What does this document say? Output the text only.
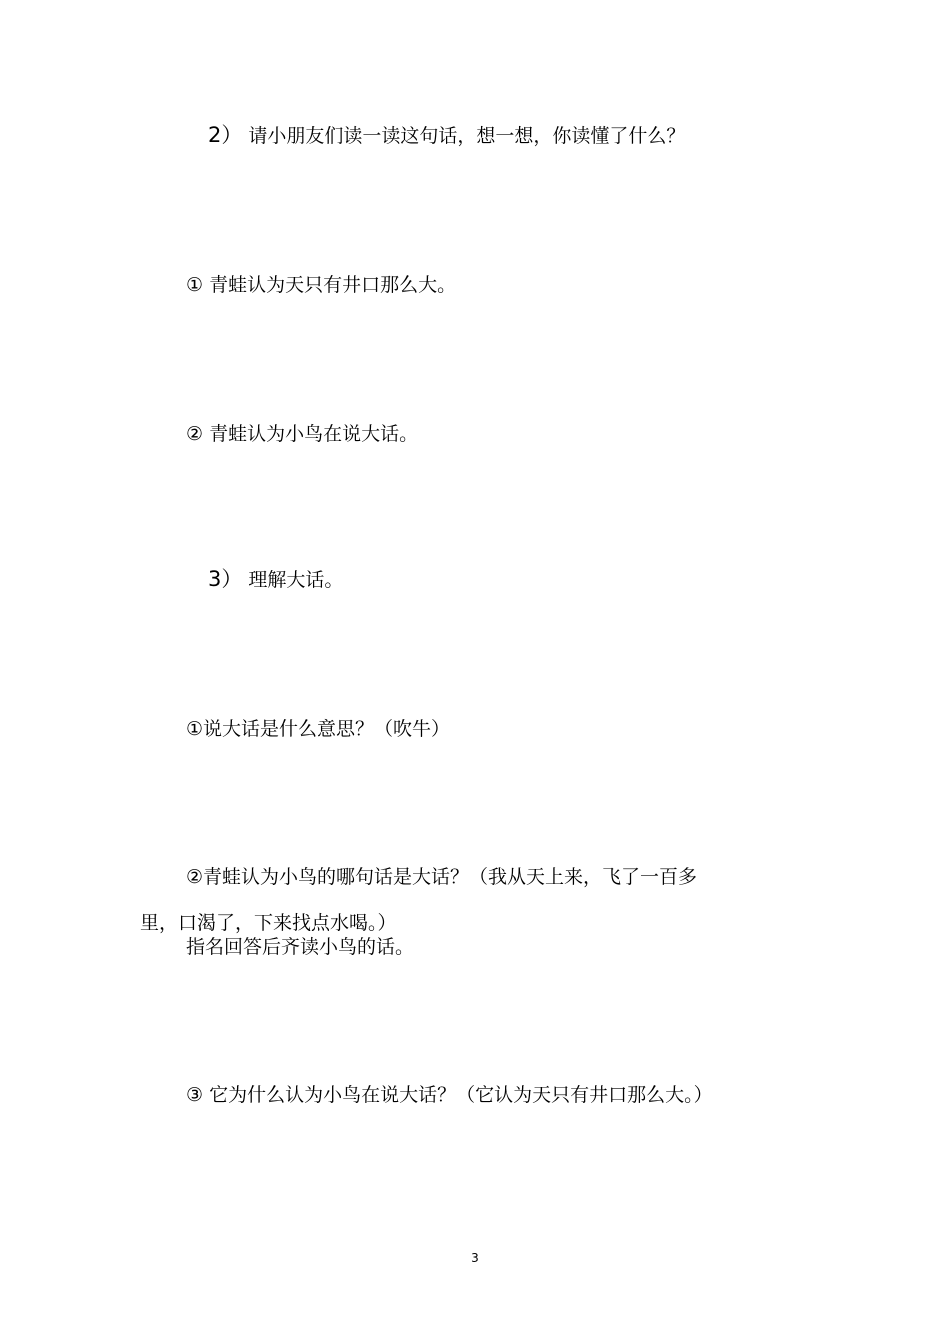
2） 请小朋友们读一读这句话，想一想，你读懂了什么？

① 青蛙认为天只有井口那么大。

② 青蛙认为小鸟在说大话。

3） 理解大话。

①说大话是什么意思？（吹牛）

②青蛙认为小鸟的哪句话是大话？（我从天上来，飞了一百多

里，口渴了，下来找点水喝。）

指名回答后齐读小鸟的话。

③ 它为什么认为小鸟在说大话？（它认为天只有井口那么大。）

3
